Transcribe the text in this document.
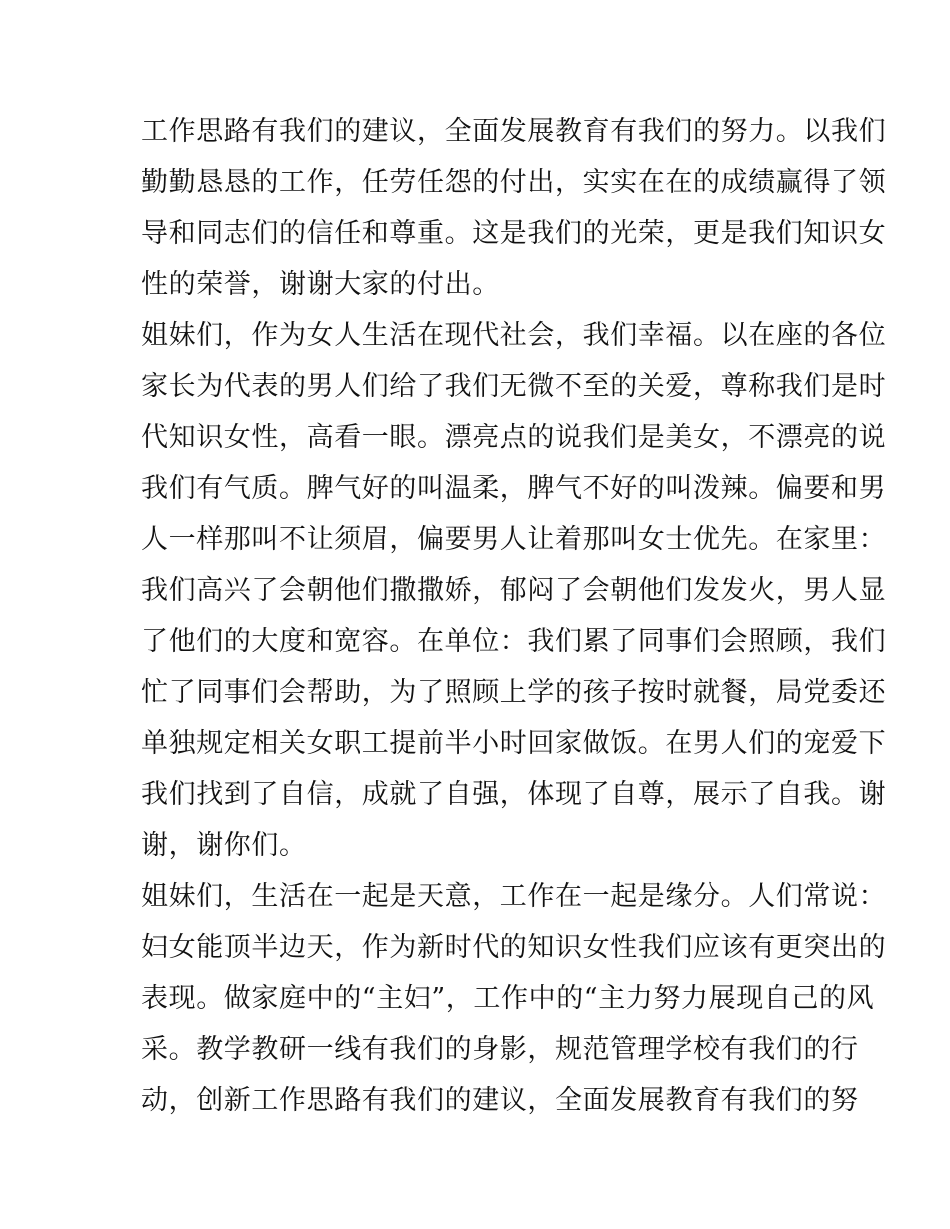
工作思路有我们的建议，全面发展教育有我们的努力。以我们
勤勤恳恳的工作，任劳任怨的付出，实实在在的成绩赢得了领
导和同志们的信任和尊重。这是我们的光荣，更是我们知识女
性的荣誉，谢谢大家的付出。
姐妹们，作为女人生活在现代社会，我们幸福。以在座的各位
家长为代表的男人们给了我们无微不至的关爱，尊称我们是时
代知识女性，高看一眼。漂亮点的说我们是美女，不漂亮的说
我们有气质。脾气好的叫温柔，脾气不好的叫泼辣。偏要和男
人一样那叫不让须眉，偏要男人让着那叫女士优先。在家里：
我们高兴了会朝他们撒撒娇，郁闷了会朝他们发发火，男人显
了他们的大度和宽容。在单位：我们累了同事们会照顾，我们
忙了同事们会帮助，为了照顾上学的孩子按时就餐，局党委还
单独规定相关女职工提前半小时回家做饭。在男人们的宠爱下
我们找到了自信，成就了自强，体现了自尊，展示了自我。谢
谢，谢你们。
姐妹们，生活在一起是天意，工作在一起是缘分。人们常说：
妇女能顶半边天，作为新时代的知识女性我们应该有更突出的
表现。做家庭中的“主妇”，工作中的“主力努力展现自己的风
采。教学教研一线有我们的身影，规范管理学校有我们的行
动，创新工作思路有我们的建议，全面发展教育有我们的努
